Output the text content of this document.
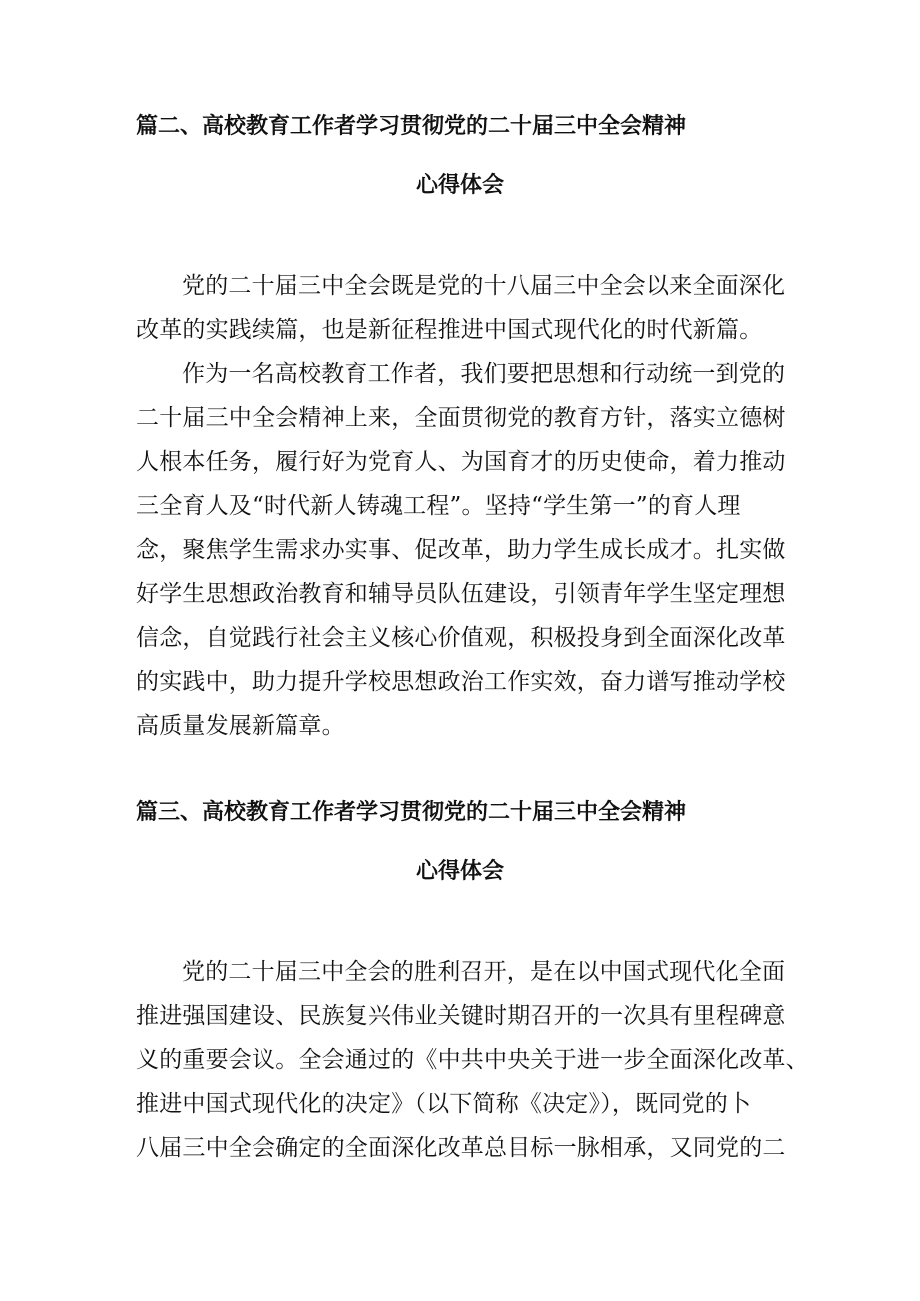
篇二、高校教育工作者学习贯彻党的二十届三中全会精神
心得体会
党的二十届三中全会既是党的十八届三中全会以来全面深化
改革的实践续篇，也是新征程推进中国式现代化的时代新篇。
作为一名高校教育工作者，我们要把思想和行动统一到党的
二十届三中全会精神上来，全面贯彻党的教育方针，落实立德树
人根本任务，履行好为党育人、为国育才的历史使命，着力推动
三全育人及“时代新人铸魂工程”。坚持“学生第一”的育人理
念，聚焦学生需求办实事、促改革，助力学生成长成才。扎实做
好学生思想政治教育和辅导员队伍建设，引领青年学生坚定理想
信念，自觉践行社会主义核心价值观，积极投身到全面深化改革
的实践中，助力提升学校思想政治工作实效，奋力谱写推动学校
高质量发展新篇章。
篇三、高校教育工作者学习贯彻党的二十届三中全会精神
心得体会
党的二十届三中全会的胜利召开，是在以中国式现代化全面
推进强国建设、民族复兴伟业关键时期召开的一次具有里程碑意
义的重要会议。全会通过的《中共中央关于进一步全面深化改革、
推进中国式现代化的决定》（以下简称《决定》），既同党的卜
八届三中全会确定的全面深化改革总目标一脉相承，又同党的二
